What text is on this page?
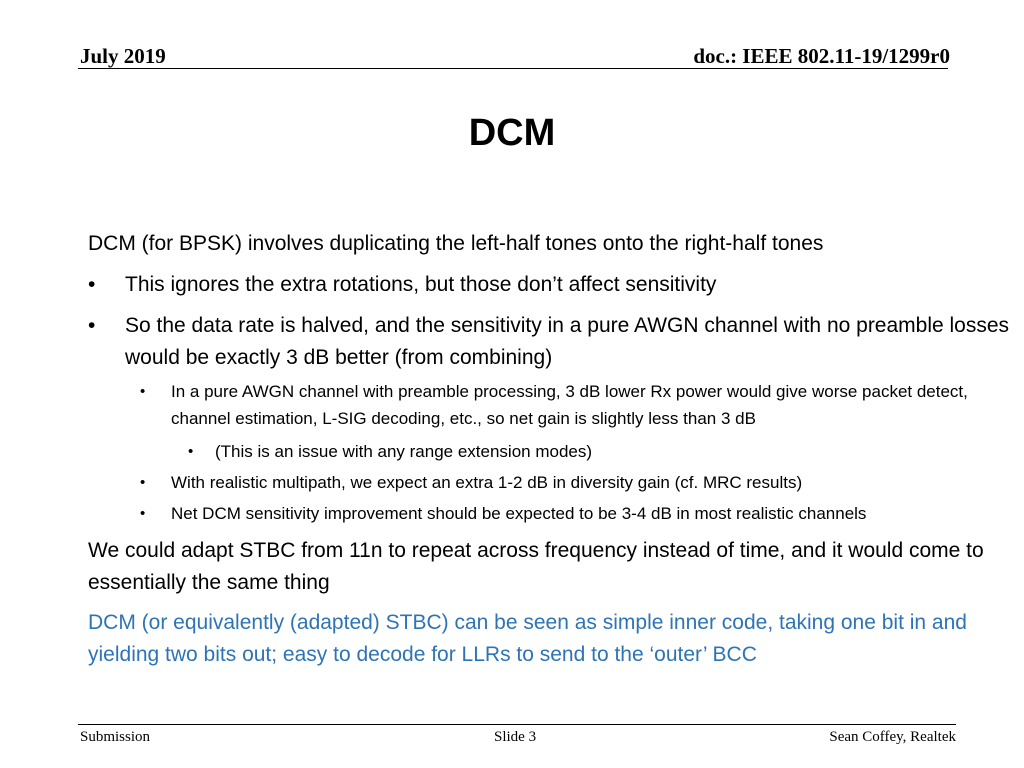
July 2019	doc.: IEEE 802.11-19/1299r0
DCM
DCM (for BPSK) involves duplicating the left-half tones onto the right-half tones
• This ignores the extra rotations, but those don’t affect sensitivity
• So the data rate is halved, and the sensitivity in a pure AWGN channel with no preamble losses would be exactly 3 dB better (from combining)
• In a pure AWGN channel with preamble processing, 3 dB lower Rx power would give worse packet detect, channel estimation, L-SIG decoding, etc., so net gain is slightly less than 3 dB
• (This is an issue with any range extension modes)
• With realistic multipath, we expect an extra 1-2 dB in diversity gain (cf. MRC results)
• Net DCM sensitivity improvement should be expected to be 3-4 dB in most realistic channels
We could adapt STBC from 11n to repeat across frequency instead of time, and it would come to essentially the same thing
DCM (or equivalently (adapted) STBC) can be seen as simple inner code, taking one bit in and yielding two bits out; easy to decode for LLRs to send to the ‘outer’ BCC
Submission	Slide 3	Sean Coffey, Realtek
